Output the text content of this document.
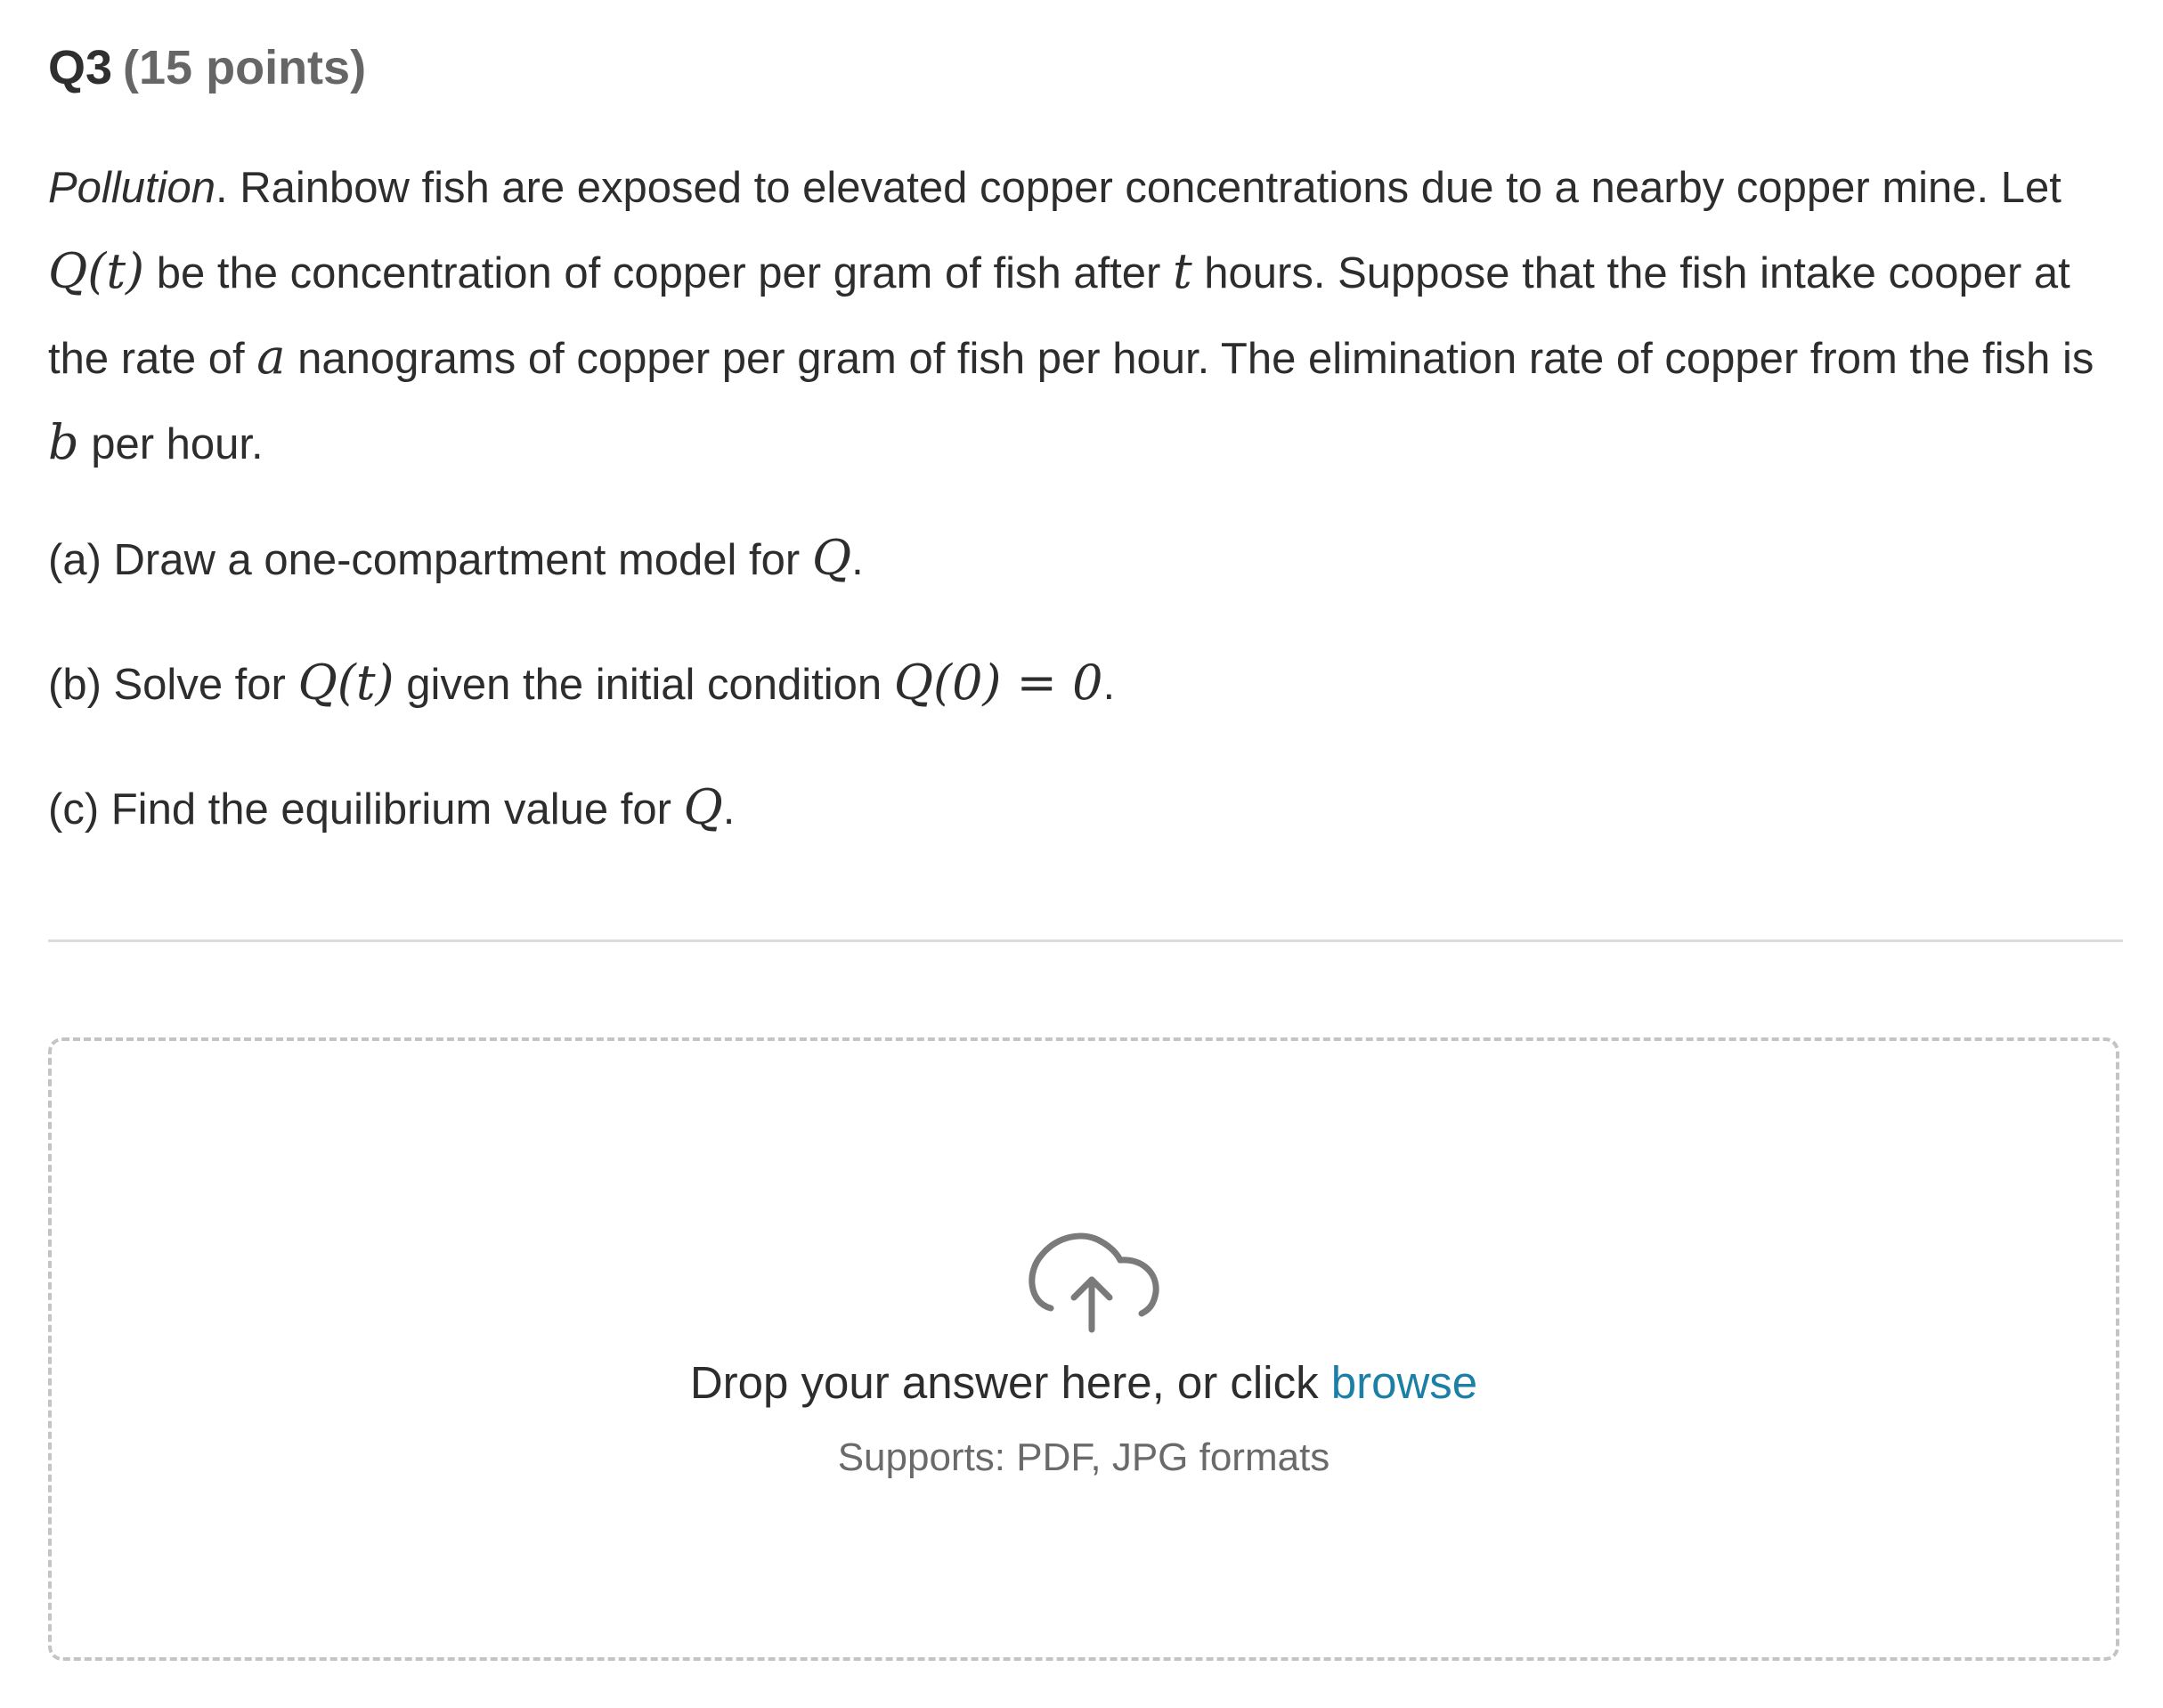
Q3 (15 points)
Pollution. Rainbow fish are exposed to elevated copper concentrations due to a nearby copper mine. Let Q(t) be the concentration of copper per gram of fish after t hours. Suppose that the fish intake cooper at the rate of a nanograms of copper per gram of fish per hour. The elimination rate of copper from the fish is b per hour.
(a) Draw a one-compartment model for Q.
(b) Solve for Q(t) given the initial condition Q(0) = 0.
(c) Find the equilibrium value for Q.
Drop your answer here, or click browse
Supports: PDF, JPG formats
